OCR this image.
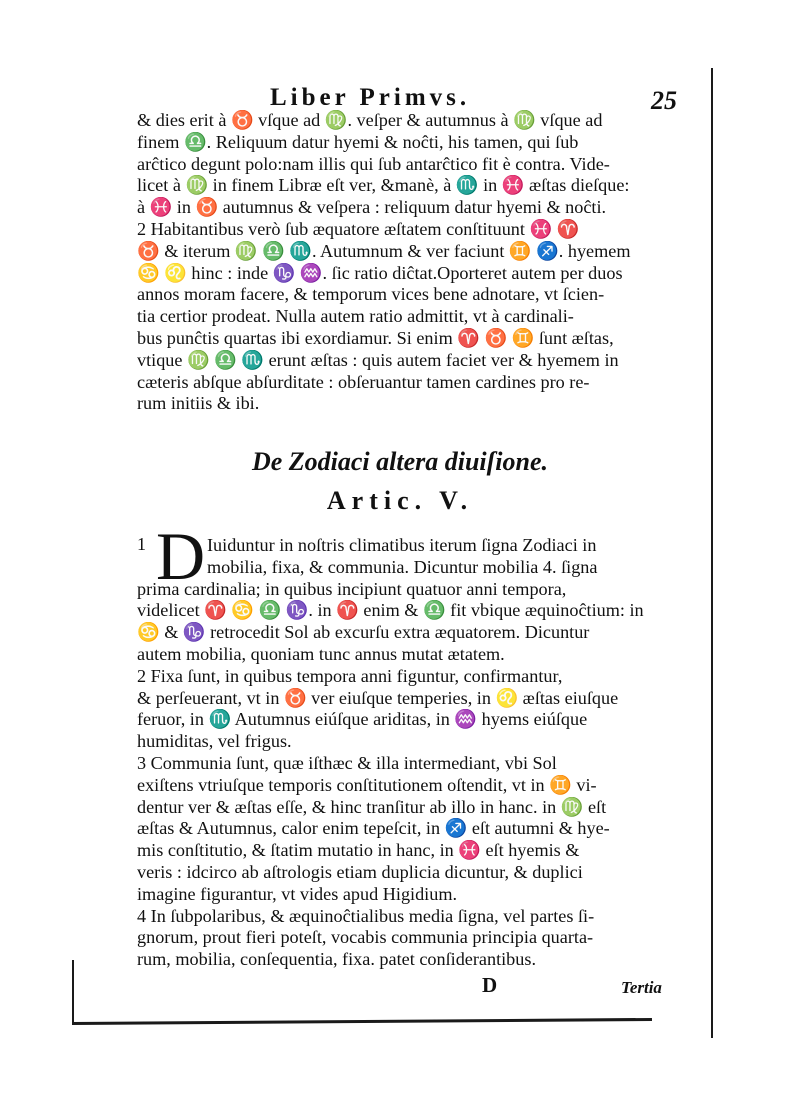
Liber Primvs.	25
& dies erit à ♉ vſque ad ♍. veſper & autumnus à ♍ vſque ad
finem ♎. Reliquum datur hyemi & noĉti, his tamen, qui ſub
arĉtico degunt polo:nam illis qui ſub antarĉtico fit è contra. Vide-
licet à ♍ in finem Libræ eſt ver, &manè, à ♏ in ♓ æſtas dieſque:
à ♓ in ♉ autumnus & veſpera : reliquum datur hyemi & noĉti.
2 Habitantibus verò ſub æquatore æſtatem conſtituunt ♓ ♈
♉ & iterum ♍ ♎ ♏. Autumnum & ver faciunt ♊ ♐. hyemem
♋ ♌ hinc : inde ♑ ♒. ſic ratio diĉtat.Oporteret autem per duos
annos moram facere, & temporum vices bene adnotare, vt ſcien-
tia certior prodeat. Nulla autem ratio admittit, vt à cardinali-
bus punĉtis quartas ibi exordiamur. Si enim ♈ ♉ ♊ ſunt æſtas,
vtique ♍ ♎ ♏ erunt æſtas : quis autem faciet ver & hyemem in
cæteris abſque abſurditate : obſeruantur tamen cardines pro re-
rum initiis & ibi.
De Zodiaci altera diuiſione.
Artic. V.
1 D Iuiduntur in noſtris climatibus iterum ſigna Zodiaci in
mobilia, fixa, & communia. Dicuntur mobilia 4. ſigna
prima cardinalia; in quibus incipiunt quatuor anni tempora,
videlicet ♈ ♋ ♎ ♑. in ♈ enim & ♎ fit vbique æquinoĉtium: in
♋ & ♑ retrocedit Sol ab excurſu extra æquatorem. Dicuntur
autem mobilia, quoniam tunc annus mutat ætatem.
2 Fixa ſunt, in quibus tempora anni figuntur, confirmantur,
& perſeuerant, vt in ♉ ver eiuſque temperies, in ♌ æſtas eiuſque
feruor, in ♏ Autumnus eiúſque ariditas, in ♒ hyems eiúſque
humiditas, vel frigus.
3 Communia ſunt, quæ iſthæc & illa intermediant, vbi Sol
exiſtens vtriuſque temporis conſtitutionem oſtendit, vt in ♊ vi-
dentur ver & æſtas eſſe, & hinc tranſitur ab illo in hanc. in ♍ eſt
æſtas & Autumnus, calor enim tepeſcit, in ♐ eſt autumni & hye-
mis conſtitutio, & ſtatim mutatio in hanc, in ♓ eſt hyemis &
veris : idcirco ab aſtrologis etiam duplicia dicuntur, & duplici
imagine figurantur, vt vides apud Higidium.
4 In ſubpolaribus, & æquinoĉtialibus media ſigna, vel partes ſi-
gnorum, prout fieri poteſt, vocabis communia principia quarta-
rum, mobilia, conſequentia, fixa. patet conſiderantibus.
D	Tertia
